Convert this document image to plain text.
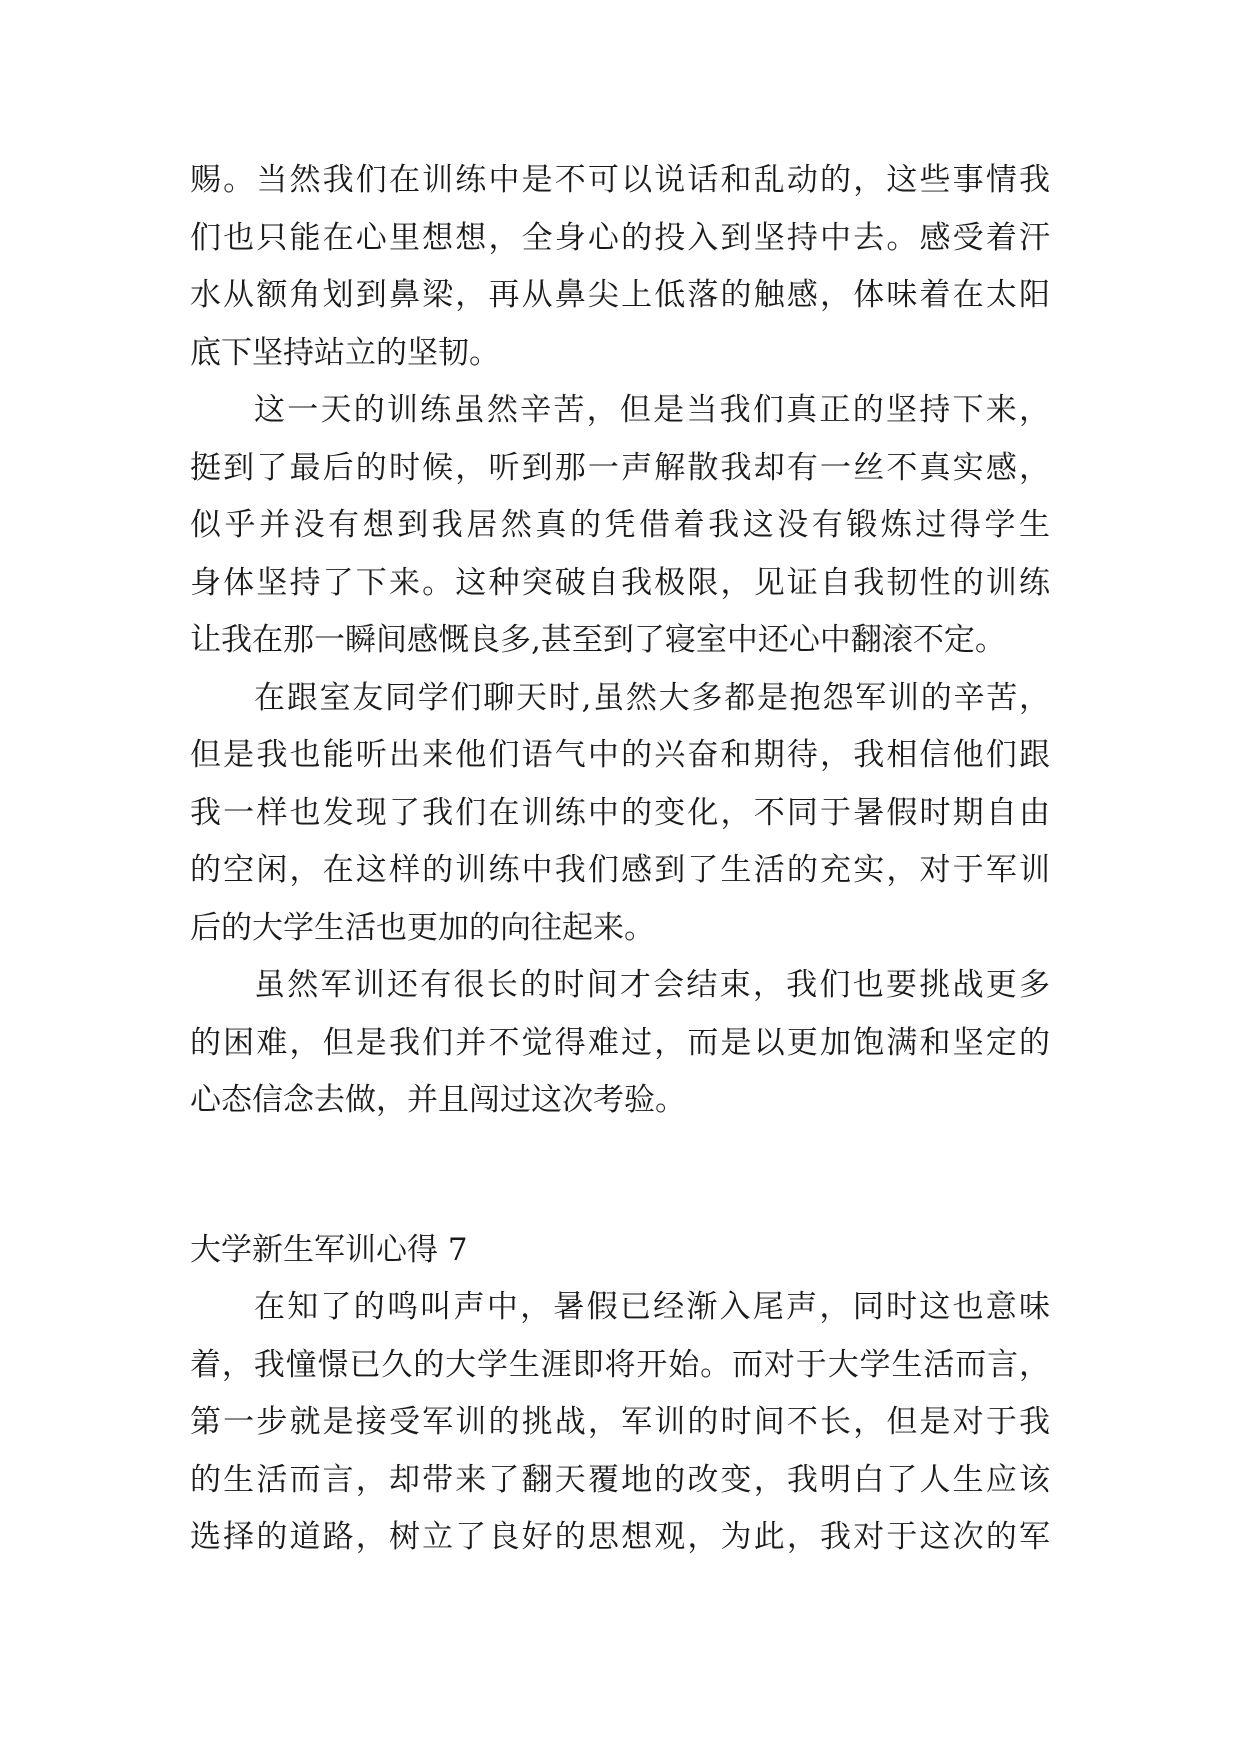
赐。当然我们在训练中是不可以说话和乱动的，这些事情我
们也只能在心里想想，全身心的投入到坚持中去。感受着汗
水从额角划到鼻梁，再从鼻尖上低落的触感，体味着在太阳
底下坚持站立的坚韧。
这一天的训练虽然辛苦，但是当我们真正的坚持下来，
挺到了最后的时候，听到那一声解散我却有一丝不真实感，
似乎并没有想到我居然真的凭借着我这没有锻炼过得学生
身体坚持了下来。这种突破自我极限，见证自我韧性的训练
让我在那一瞬间感慨良多,甚至到了寝室中还心中翻滚不定。
在跟室友同学们聊天时,虽然大多都是抱怨军训的辛苦，
但是我也能听出来他们语气中的兴奋和期待，我相信他们跟
我一样也发现了我们在训练中的变化，不同于暑假时期自由
的空闲，在这样的训练中我们感到了生活的充实，对于军训
后的大学生活也更加的向往起来。
虽然军训还有很长的时间才会结束，我们也要挑战更多
的困难，但是我们并不觉得难过，而是以更加饱满和坚定的
心态信念去做，并且闯过这次考验。
大学新生军训心得 7
在知了的鸣叫声中，暑假已经渐入尾声，同时这也意味
着，我憧憬已久的大学生涯即将开始。而对于大学生活而言，
第一步就是接受军训的挑战，军训的时间不长，但是对于我
的生活而言，却带来了翻天覆地的改变，我明白了人生应该
选择的道路，树立了良好的思想观，为此，我对于这次的军
